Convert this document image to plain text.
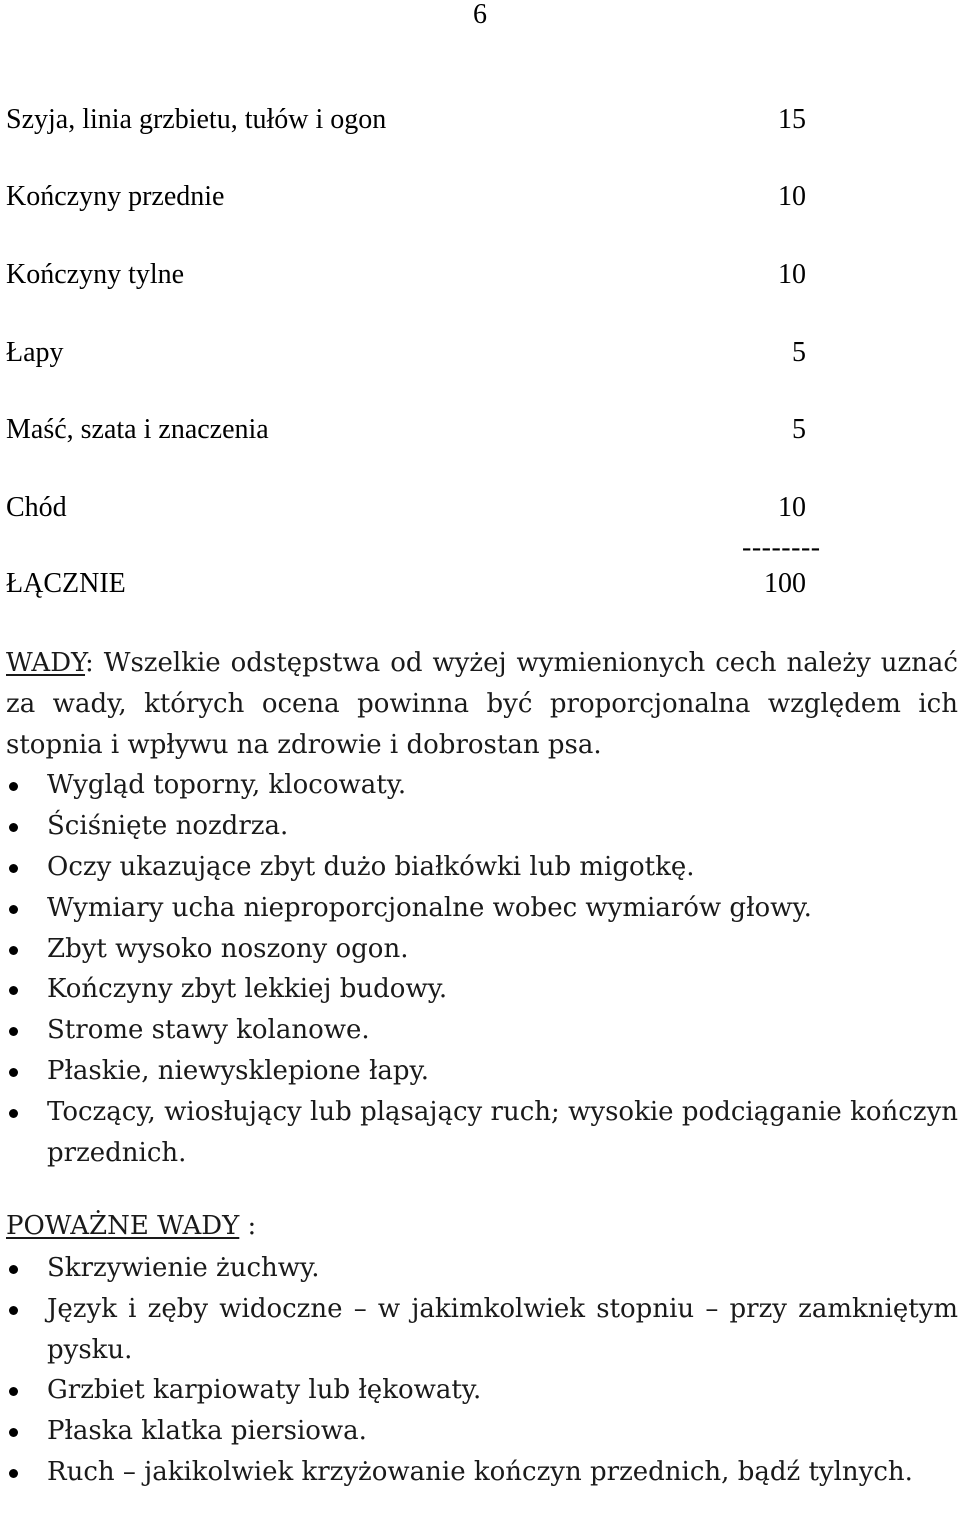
6
Szyja, linia grzbietu, tułów i ogon	15
Kończyny przednie	10
Kończyny tylne	10
Łapy	5
Maść, szata i znaczenia	5
Chód	10
--------
ŁĄCZNIE	100

WADY: Wszelkie odstępstwa od wyżej wymienionych cech należy uznać za wady, których ocena powinna być proporcjonalna względem ich stopnia i wpływu na zdrowie i dobrostan psa.

Wygląd toporny, klocowaty.
Ściśnięte nozdrza.
Oczy ukazujące zbyt dużo białkówki lub migotkę.
Wymiary ucha nieproporcjonalne wobec wymiarów głowy.
Zbyt wysoko noszony ogon.
Kończyny zbyt lekkiej budowy.
Strome stawy kolanowe.
Płaskie, niewysklepione łapy.
Toczący, wiosłujący lub pląsający ruch; wysokie podciąganie kończyn przednich.

POWAŻNE WADY :

Skrzywienie żuchwy.
Język i zęby widoczne – w jakimkolwiek stopniu – przy zamkniętym pysku.
Grzbiet karpiowaty lub łękowaty.
Płaska klatka piersiowa.
Ruch – jakikolwiek krzyżowanie kończyn przednich, bądź tylnych.
